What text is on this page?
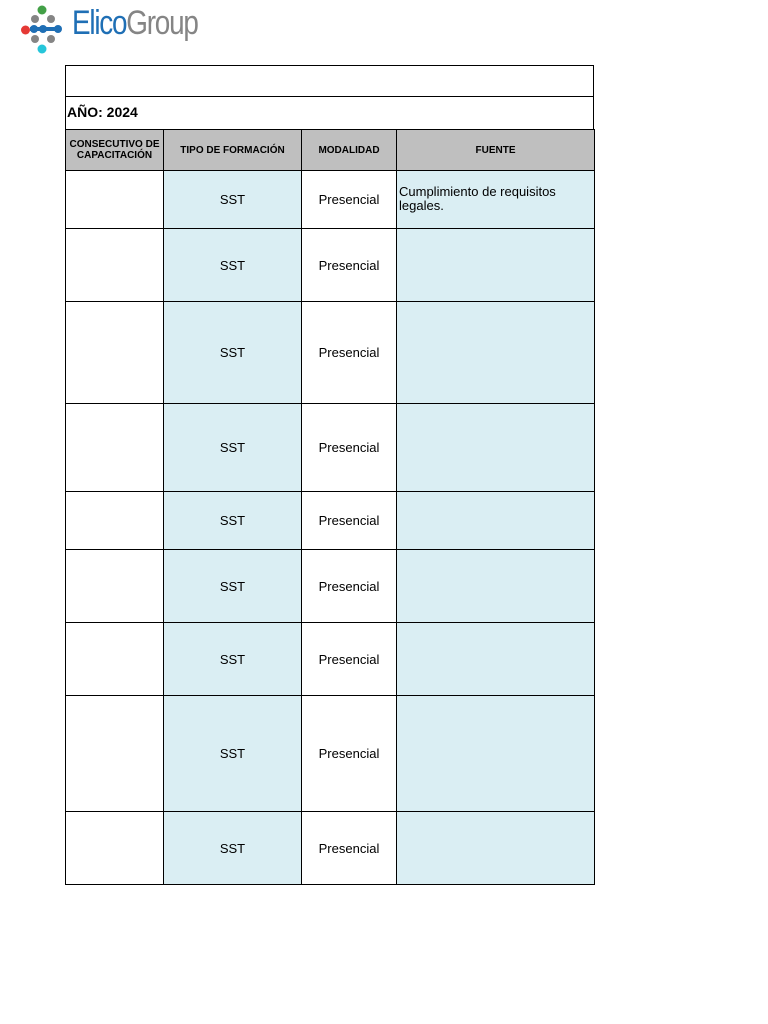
AÑO: 2024
CONSECUTIVO DE CAPACITACIÓN	TIPO DE FORMACIÓN	MODALIDAD	FUENTE
	SST	Presencial	Cumplimiento de requisitos legales.

	SST	Presencial	

	SST	Presencial	

	SST	Presencial	

	SST	Presencial	

	SST	Presencial	

	SST	Presencial	

	SST	Presencial	

	SST	Presencial	
ElicoGroup
